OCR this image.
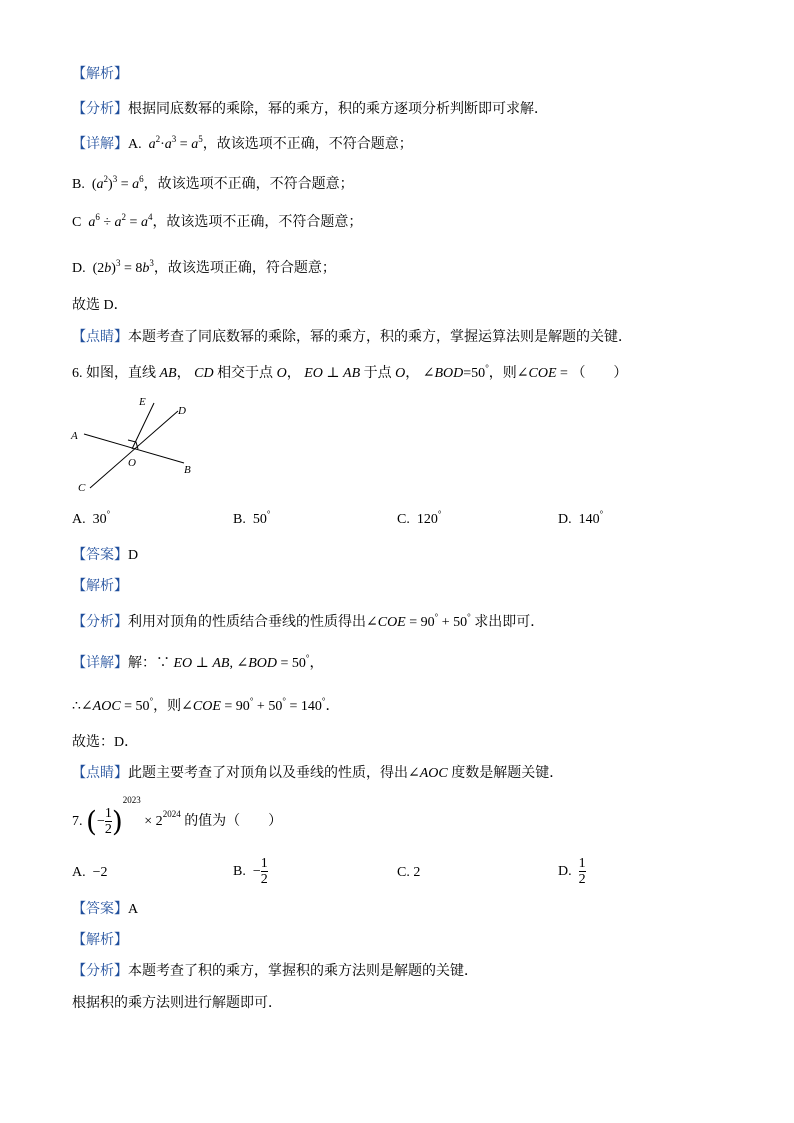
【解析】
【分析】根据同底数幂的乘除，幂的乘方，积的乘方逐项分析判断即可求解．
【详解】A. $a^2\cdot a^3 = a^5$，故该选项不正确，不符合题意；
B. $(a^2)^3 = a^6$，故该选项不正确，不符合题意；
C $a^6 \div a^2 = a^4$，故该选项不正确，不符合题意；
D. $(2b)^3 = 8b^3$，故该选项正确，符合题意；
故选 D．
【点睛】本题考查了同底数幂的乘除，幂的乘方，积的乘方，掌握运算法则是解题的关键．
6. 如图，直线 AB， CD 相交于点 O， EO ⊥ AB 于点 O， ∠BOD=50°，则∠COE = （　　）
E
D
A
O
B
C
A. 30°	B. 50°	C. 120°	D. 140°
【答案】D
【解析】
【分析】利用对顶角的性质结合垂线的性质得出∠COE = 90° + 50° 求出即可．
【详解】解：∵ EO ⊥ AB, ∠BOD = 50°，
∴∠AOC = 50°，则∠COE = 90° + 50° = 140°．
故选：D．
【点睛】此题主要考查了对顶角以及垂线的性质，得出∠AOC 度数是解题关键．
7. (− $\frac{1}{2} )^{2023} \times 2^{2024}$ 的值为（　　）
A.  −2	B.  − $\frac{1}{2}$	C. 2	D. $\frac{1}{2}$
【答案】A
【解析】
【分析】本题考查了积的乘方，掌握积的乘方法则是解题的关键．
根据积的乘方法则进行解题即可．
